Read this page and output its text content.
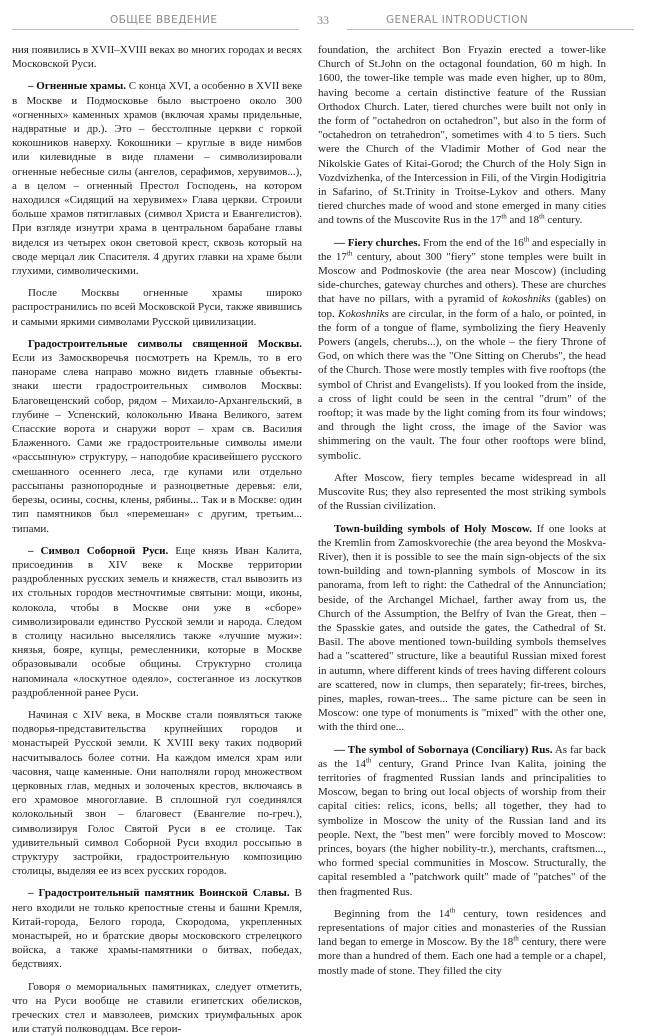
ОБЩЕЕ ВВЕДЕНИЕ	33	GENERAL INTRODUCTION

ния появились в XVII–XVIII веках во многих городах и весях Московской Руси.

– Огненные храмы. С конца XVI, а особенно в XVII веке в Москве и Подмосковье было выстроено около 300 «огненных» каменных храмов (включая храмы придельные, надвратные и др.). Это – бесстолпные церкви с горкой кокошников наверху. Кокошники – круглые в виде нимбов или килевидные в виде пламени – символизировали огненные небесные силы (ангелов, серафимов, херувимов...), а в целом – огненный Престол Господень, на котором находился «Сидящий на херувимех» Глава церкви. Строили больше храмов пятиглавых (символ Христа и Евангелистов). При взгляде изнутри храма в центральном барабане главы виделся из четырех окон световой крест, сквозь который на своде мерцал лик Спасителя. 4 других главки на храме были глухими, символическими.

После Москвы огненные храмы широко распространились по всей Московской Руси, также явившись и самыми яркими символами Русской цивилизации.

Градостроительные символы священной Москвы. Если из Замоскворечья посмотреть на Кремль, то в его панораме слева направо можно видеть главные объекты-знаки шести градостроительных символов Москвы: Благовещенский собор, рядом – Михаило-Архангельский, в глубине – Успенский, колокольню Ивана Великого, затем Спасские ворота и снаружи ворот – храм св. Василия Блаженного. Сами же градостроительные символы имели «рассыпную» структуру, – наподобие красивейшего русского смешанного осеннего леса, где купами или отдельно рассыпаны разнопородные и разноцветные деревья: ели, березы, осины, сосны, клены, рябины... Так и в Москве: один тип памятников был «перемешан» с другим, третьим... типами.

– Символ Соборной Руси. Еще князь Иван Калита, присоединив в XIV веке к Москве территории раздробленных русских земель и княжеств, стал вывозить из их стольных городов местночтимые святыни: мощи, иконы, колокола, чтобы в Москве они уже в «сборе» символизировали единство Русской земли и народа. Следом в столицу насильно выселялись также «лучшие мужи»: князья, бояре, купцы, ремесленники, которые в Москве образовывали особые общины. Структурно столица напоминала «лоскутное одеяло», состеганное из лоскутков раздробленной ранее Руси.

Начиная с XIV века, в Москве стали появляться также подворья-представительства крупнейших городов и монастырей Русской земли. К XVIII веку таких подворий насчитывалось более сотни. На каждом имелся храм или часовня, чаще каменные. Они наполняли город множеством церковных глав, медных и золоченых крестов, включаясь в его храмовое многоглавие. В сплошной гул соединялся колокольный звон – благовест (Евангелие по-греч.), символизируя Голос Святой Руси в ее столице. Так удивительный символ Соборной Руси входил россыпью в структуру застройки, градостроительную композицию столицы, выделяя ее из всех русских городов.

– Градостроительный памятник Воинской Славы. В него входили не только крепостные стены и башни Кремля, Китай-города, Белого города, Скородома, укрепленных монастырей, но и братские дворы московского стрелецкого войска, а также храмы-памятники о битвах, победах, бедствиях.

Говоря о мемориальных памятниках, следует отметить, что на Руси вообще не ставили египетских обелисков, греческих стел и мавзолеев, римских триумфальных арок или статуй полководцам. Все герои-

foundation, the architect Bon Fryazin erected a tower-like Church of St.John on the octagonal foundation, 60 m high. In 1600, the tower-like temple was made even higher, up to 80m, having become a certain distinctive feature of the Russian Orthodox Church. Later, tiered churches were built not only in the form of "octahedron on octahedron", but also in the form of "octahedron on tetrahedron", sometimes with 4 to 5 tiers. Such were the Church of the Vladimir Mother of God near the Nikolskie Gates of Kitai-Gorod; the Church of the Holy Sign in Vozdvizhenka, of the Intercession in Fili, of the Virgin Hodigitria in Safarino, of St.Trinity in Troitse-Lykov and others. Many tiered churches made of wood and stone emerged in many cities and towns of the Muscovite Rus in the 17th and 18th century.

— Fiery churches. From the end of the 16th and especially in the 17th century, about 300 "fiery" stone temples were built in Moscow and Podmoskovie (the area near Moscow) (including side-churches, gateway churches and others). These are churches that have no pillars, with a pyramid of kokoshniks (gables) on top. Kokoshniks are circular, in the form of a halo, or pointed, in the form of a tongue of flame, symbolizing the fiery Heavenly Powers (angels, cherubs...), on the whole – the fiery Throne of God, on which there was the "One Sitting on Cherubs", the head of the Church. Those were mostly temples with five rooftops (the symbol of Christ and Evangelists). If you looked from the inside, a cross of light could be seen in the central "drum" of the rooftop; it was made by the light coming from its four windows; and through the light cross, the image of the Savior was shimmering on the vault. The four other rooftops were blind, symbolic.

After Moscow, fiery temples became widespread in all Muscovite Rus; they also represented the most striking symbols of the Russian civilization.

Town-building symbols of Holy Moscow. If one looks at the Kremlin from Zamoskvorechie (the area beyond the Moskva-River), then it is possible to see the main sign-objects of the six town-building and town-planning symbols of Moscow in its panorama, from left to right: the Cathedral of the Annunciation; beside, of the Archangel Michael, farther away from us, the Church of the Assumption, the Belfry of Ivan the Great, then – the Spasskie gates, and outside the gates, the Cathedral of St. Basil. The above mentioned town-building symbols themselves had a "scattered" structure, like a beautiful Russian mixed forest in autumn, where different kinds of trees having different colours are scattered, now in clumps, then separately; fir-trees, birches, pines, maples, rowan-trees... The same picture can be seen in Moscow: one type of monuments is "mixed" with the other one, with the third one...

— The symbol of Sobornaya (Conciliary) Rus. As far back as the 14th century, Grand Prince Ivan Kalita, joining the territories of fragmented Russian lands and principalities to Moscow, began to bring out local objects of worship from their capital cities: relics, icons, bells; all together, they had to symbolize in Moscow the unity of the Russian land and its people. Next, the "best men" were forcibly moved to Moscow: princes, boyars (the higher nobility-tr.), merchants, craftsmen..., who formed special communities in Moscow. Structurally, the capital resembled a "patchwork quilt" made of "patches" of the then fragmented Rus.

Beginning from the 14th century, town residences and representations of major cities and monasteries of the Russian land began to emerge in Moscow. By the 18th century, there were more than a hundred of them. Each one had a temple or a chapel, mostly made of stone. They filled the city
